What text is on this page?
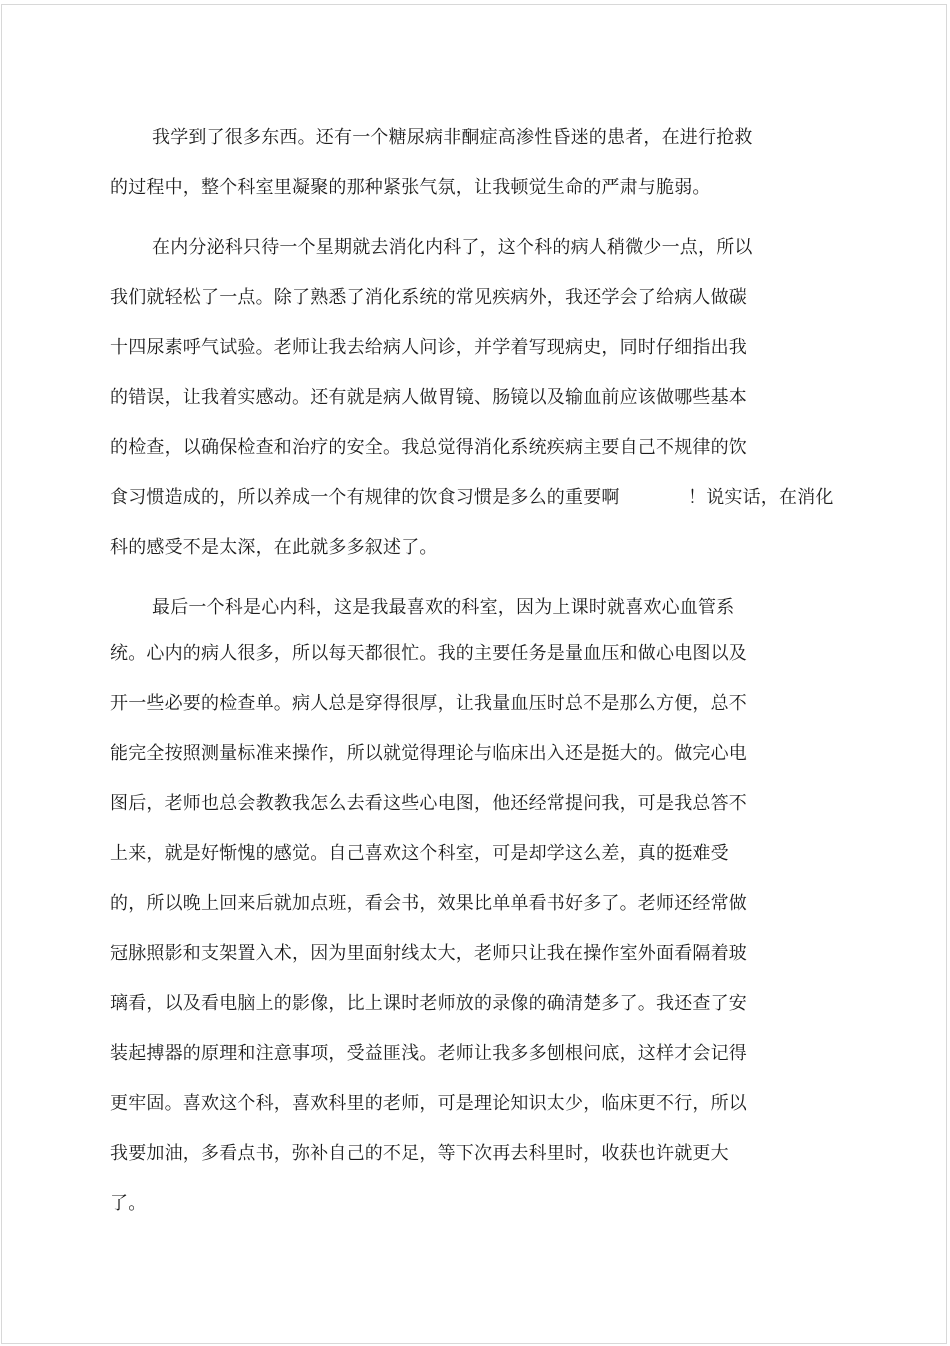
我学到了很多东西。还有一个糖尿病非酮症高渗性昏迷的患者，在进行抢救
的过程中，整个科室里凝聚的那种紧张气氛，让我顿觉生命的严肃与脆弱。
在内分泌科只待一个星期就去消化内科了，这个科的病人稍微少一点，所以
我们就轻松了一点。除了熟悉了消化系统的常见疾病外，我还学会了给病人做碳
十四尿素呼气试验。老师让我去给病人问诊，并学着写现病史，同时仔细指出我
的错误，让我着实感动。还有就是病人做胃镜、肠镜以及输血前应该做哪些基本
的检查，以确保检查和治疗的安全。我总觉得消化系统疾病主要自己不规律的饮
食习惯造成的，所以养成一个有规律的饮食习惯是多么的重要啊	！说实话，在消化
科的感受不是太深，在此就多多叙述了。
最后一个科是心内科，这是我最喜欢的科室，因为上课时就喜欢心血管系
统。心内的病人很多，所以每天都很忙。我的主要任务是量血压和做心电图以及
开一些必要的检查单。病人总是穿得很厚，让我量血压时总不是那么方便，总不
能完全按照测量标准来操作，所以就觉得理论与临床出入还是挺大的。做完心电
图后，老师也总会教教我怎么去看这些心电图，他还经常提问我，可是我总答不
上来，就是好惭愧的感觉。自己喜欢这个科室，可是却学这么差，真的挺难受
的，所以晚上回来后就加点班，看会书，效果比单单看书好多了。老师还经常做
冠脉照影和支架置入术，因为里面射线太大，老师只让我在操作室外面看隔着玻
璃看，以及看电脑上的影像，比上课时老师放的录像的确清楚多了。我还查了安
装起搏器的原理和注意事项，受益匪浅。老师让我多多刨根问底，这样才会记得
更牢固。喜欢这个科，喜欢科里的老师，可是理论知识太少，临床更不行，所以
我要加油，多看点书，弥补自己的不足，等下次再去科里时，收获也许就更大
了。
